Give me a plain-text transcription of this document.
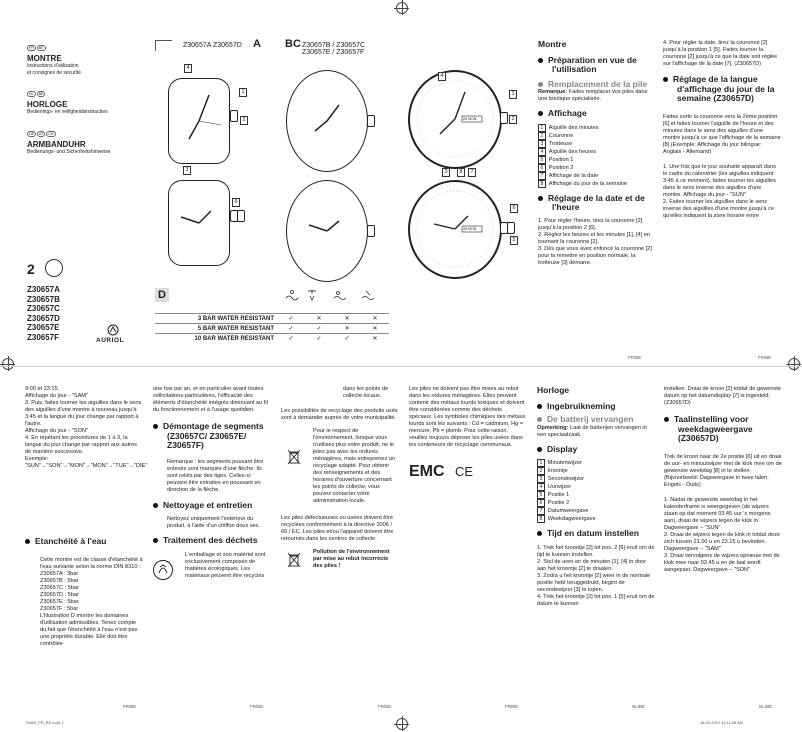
FR BE
MONTRE
Instructions d'utilisation
et consignes de sécurité
NL BE
HORLOGE
Bedienings- en veiligheidsinstructies
DE AT CH
ARMBANDUHR
Bedienungs- und Sicherheitshinweise
2
Z30657A
Z30657B
Z30657C
Z30657D
Z30657E
Z30657F	AURIOL
Z30657A Z30657D A BC Z30657B / Z30657C
Z30657E / Z30657F
4
1
2
3
6
26 MON
4
1
2
3	8	7
26 MON
6
5
D
3 BAR WATER RESISTANT	✓	✕	✕	✕
5 BAR WATER RESISTANT	✓	✓	✕	✕
10 BAR WATER RESISTANT	✓	✓	✓	✕
Montre
Préparation en vue de l'utilisation
Remplacement de la pile
Remarque: Faites remplacer vos piles dans une boutique spécialisée.
Affichage
1 Aiguille des minutes
2 Couronne
3 Trotteuse
4 Aiguille des heures
5 Position 1
6 Position 2
7 Affichage de la date
8 Affichage du jour de la semaine
Réglage de la date et de l'heure
1. Pour régler l'heure, tirez la couronne [2] jusqu'à la position 2 [6].
2. Réglez les heures et les minutes [1], [4] en tournant la couronne [2].
3. Dès que vous avez enfoncé la couronne [2] pour la remettre en position normale, la trotteuse [3] démarre.
4. Pour régler la date, tirez la couronne [2] jusqu'à la position 1 [5]. Faites tourner la couronne [2] jusqu'à ce que la date soit réglée sur l'affichage de la date [7]. (Z30657D)
Réglage de la langue d'affichage du jour de la semaine (Z30657D)
Faites sortir la couronne vers la 2ème position [6] et faites tourner l'aiguille de l'heure et des minutes dans le sens des aiguilles d'une montre jusqu'à ce que l'affichage de la semaine [8] (Exemple: Affichage du jour bilingue: Anglais - Allemand)
1. Une fois que le jour souhaité apparaît dans le cadre du calendrier (les aiguilles indiquent 3:45 à ce moment), faites tourner les aiguilles dans le sens inverse des aiguilles d'une montre. Affichage du jour - "SUN"
2. Faites tourner les aiguilles dans le sens inverse des aiguilles d'une montre jusqu'à ce qu'elles indiquent la zone horaire entre
FR/BE	FR/BE
9:00 et 23:15.
Affichage du jour - "SAM"
3. Puis, faites tourner les aiguilles dans le sens des aiguilles d'une montre à nouveau jusqu'à 3:45 et la langue du jour change par rapport à l'autre.
Affichage du jour - "SON"
4. En répétant les procédures de 1 à 3, la langue du jour change par rapport aux autres de manière successive.
Exemple: "SUN"→"SON"→"MON"→"MON"→"TUE"→"DIE"
Etanchéité à l'eau
Cette montre est de classe d'étanchéité à l'eau suivante selon la norme DIN 8310 :
Z30657A : 3bar
Z30657B : 5bar
Z30657C : 5bar
Z30657D : 5bar
Z30657E : 5bar
Z30657F : 5bar
L'illustration D montre les domaines d'utilisation admissibles. Tenez compte du fait que l'étanchéité à l'eau n'est pas une propriété durable. Elle doit être contrôlée
une fois par an, et en particulier avant toutes sollicitations particulières, l'efficacité des éléments d'étanchéité intégrés diminuant au fil du fonctionnement et à l'usage quotidien.
Démontage de segments (Z30657C/ Z30657E/ Z30657F)
Remarque : les segments pouvant être enlevés sont marqués d'une flèche. Ils sont reliés par des tiges. Celles-ci peuvent être extraites en poussant en direction de la flèche.
Nettoyage et entretien
Nettoyez uniquement l'extérieur du produit, à l'aide d'un chiffon doux sec.
Traitement des déchets
L'emballage et son matériel sont exclusivement composés de matières écologiques. Les matériaux peuvent être recyclés
dans les points de collecte locaux.
Les possibilités de recyclage des produits usés sont à demander auprès de votre municipalité.
Pour le respect de l'environnement, lorsque vous n'utilisez plus votre produit, ne le jetez pas avec les ordures ménagères, mais entreprenez un recyclage adapté. Pour obtenir des renseignements et des horaires d'ouverture concernant les points de collecte, vous pouvez contacter votre administration locale.
Les piles défectueuses ou usées doivent être recyclées conformément à la directive 2006 / 66 / EC. Les piles et/ou l'appareil doivent être retournés dans les centres de collecte.
Pollution de l'environnement par mise au rebut incorrecte des piles !
Les piles ne doivent pas être mises au rebut dans les ordures ménagères. Elles peuvent contenir des métaux lourds toxiques et doivent être considérées comme des déchets spéciaux. Les symboles chimiques des métaux lourds sont les suivants : Cd = cadmium, Hg = mercure, Pb = plomb. Pour cette raison, veuillez toujours déposer les piles usées dans les conteneurs de recyclage communaux.
EMC CE
Horloge
Ingebruikneming
De batterij vervangen
Opmerking: Laat de batterijen vervangen in een speciaalzaak.
Display
1 Minutenwijzer
2 kroontje
3 Secondewijzer
4 Uurwijzer
5 Positie 1
6 Positie 2
7 Datumweergave
8 Weekdagweergave
Tijd en datum instellen
1. Trek het kroontje [2] tot pos. 2 [6] eruit om de tijd te kunnen instellen.
2. Stel de uren en de minuten [1], [4] in door aan het kroontje [2] te draaien.
3. Zodra u het kroontje [2] weer in de normale positie hebt teruggedrukt, begint de secondewijzer [3] te lopen.
4. Trek het kroontje [2] tot pos. 1 [5] eruit om de datum te kunnen
instellen. Draai de kroon [2] totdat de gewenste datum op het datumdisplay [7] is ingesteld. (Z30657D)
Taalinstelling voor weekdagweergave (Z30657D)
Trek de kroon naar de 2e positie [6] uit en draai de uur- en minuutwijzer met de klok mee om de gewenste weekdag [8] in te stellen. (Bijvoorbeeld: Dagweergave in twee talen: Engels - Duits)
1. Nadat de gewenste weekdag in het kalenderframe is weergegeven (de wijzers staan op dat moment 03.45 uur 's morgens aan), draai de wijzers tegen de klok in. Dagweergave – "SUN"
2. Draai de wijzers tegen de klok in totdat deze zich tussen 21.00 u en 23.15 u bevinden. Dagweergave – "SAM"
3. Draai vervolgens de wijzers opnieuw met de klok mee naar 03.45 u en de taal wordt aangepast. Dagweergave – "SON"
FR/BE	FR/BE	FR/BE	FR/BE	NL/BE	NL/BE
79855_FR_BE.indd 1	18.03.2012 11:11:58 AM
